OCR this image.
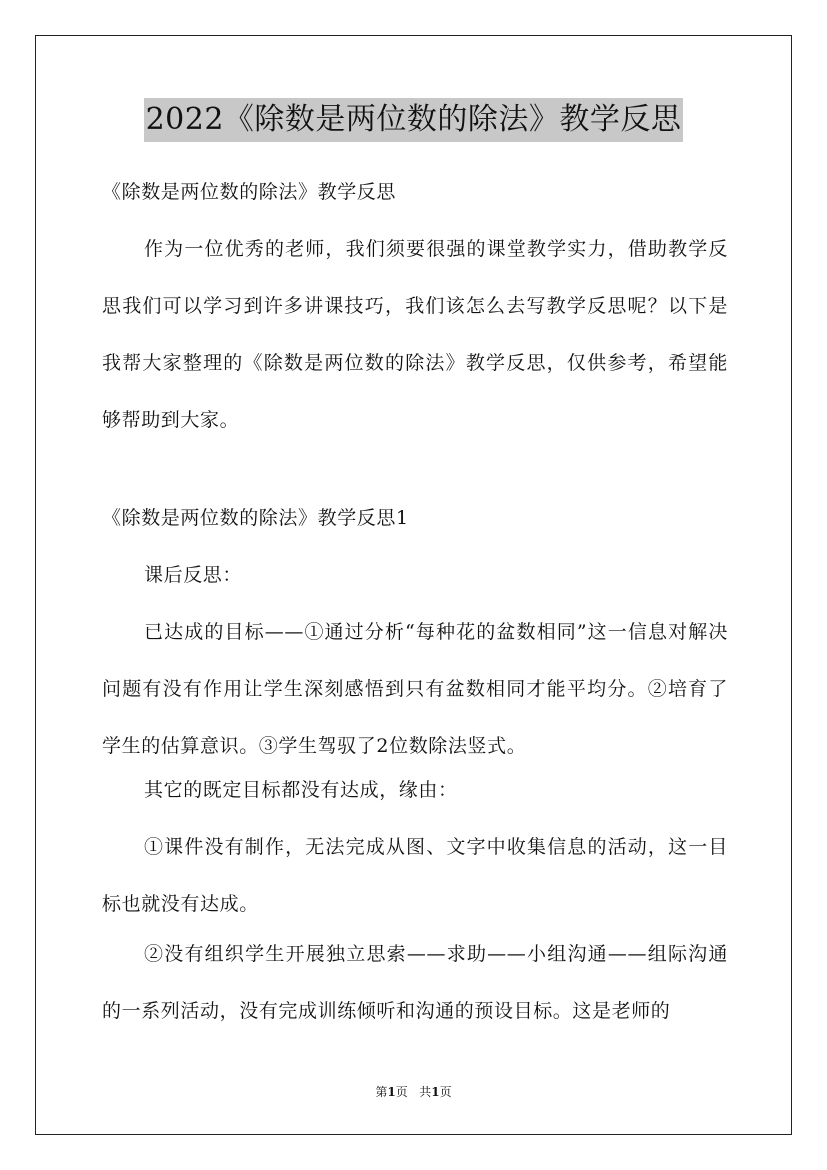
2022《除数是两位数的除法》教学反思
《除数是两位数的除法》教学反思
作为一位优秀的老师，我们须要很强的课堂教学实力，借助教学反思我们可以学习到许多讲课技巧，我们该怎么去写教学反思呢？以下是我帮大家整理的《除数是两位数的除法》教学反思，仅供参考，希望能够帮助到大家。
《除数是两位数的除法》教学反思1
课后反思：
已达成的目标——①通过分析“每种花的盆数相同”这一信息对解决问题有没有作用让学生深刻感悟到只有盆数相同才能平均分。②培育了学生的估算意识。③学生驾驭了2位数除法竖式。
其它的既定目标都没有达成，缘由：
①课件没有制作，无法完成从图、文字中收集信息的活动，这一目标也就没有达成。
②没有组织学生开展独立思索——求助——小组沟通——组际沟通的一系列活动，没有完成训练倾听和沟通的预设目标。这是老师的
第1页 共1页
